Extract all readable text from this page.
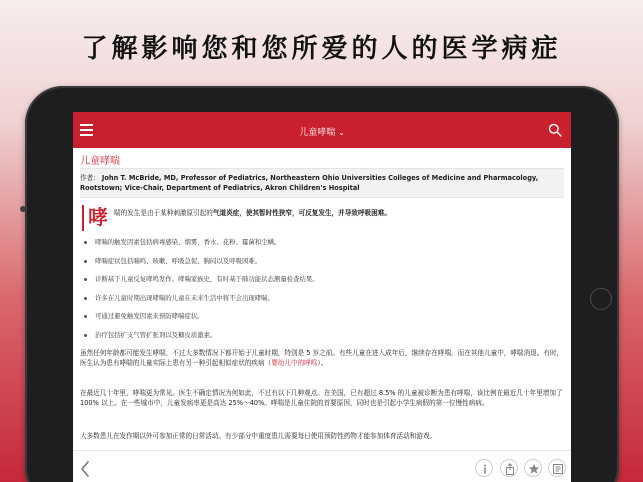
了解影响您和您所爱的人的医学病症
儿童哮喘 ⌄
儿童哮喘
作者： John T. McBride, MD, Professor of Pediatrics, Northeastern Ohio Universities Colleges of Medicine and Pharmacology, Rootstown; Vice-Chair, Department of Pediatrics, Akron Children's Hospital
哮 喘的发生是由于某种刺激原引起的气道炎症，使其暂时性狭窄，可反复发生，并导致呼吸困难。
哮喘的触发因素包括病毒感染、烟雾、香水、花粉、霉菌和尘螨。
哮喘症状包括喘鸣、咳嗽、呼吸急促、胸闷以及呼吸困难。
诊断基于儿童反复哮鸣发作、哮喘家族史，有时基于肺功能状态测量检查结果。
许多在儿童时期出现哮喘的儿童在未来生活中将不会出现哮喘。
可通过避免触发因素来预防哮喘症状。
治疗包括扩支气管扩张剂以及糖皮质激素。
虽然任何年龄都可能发生哮喘，不过大多数情况下都开始于儿童时期，特别是 5 岁之前。有些儿童在进入成年后，继续存在哮喘，而在其他儿童中，哮喘消退。有时，医生认为患有哮喘的儿童实际上患有另一种引起相似症状的疾病（婴幼儿中的哮鸣）。
在最近几十年里，哮喘更为常见。医生不确定情况为何如此，不过有以下几种观点。在美国，已有超过 8.5% 的儿童被诊断为患有哮喘，该比例在最近几十年里增加了 100% 以上。在一些城市中，儿童发病率更是高达 25%～40%。哮喘是儿童住院的首要原因，同时也是引起小学生病假的第一位慢性病病。
大多数患儿在发作期以外可参加正常的日常活动。有少部分中重度患儿需要每日使用预防性药物才能参加体育活动和游戏。
